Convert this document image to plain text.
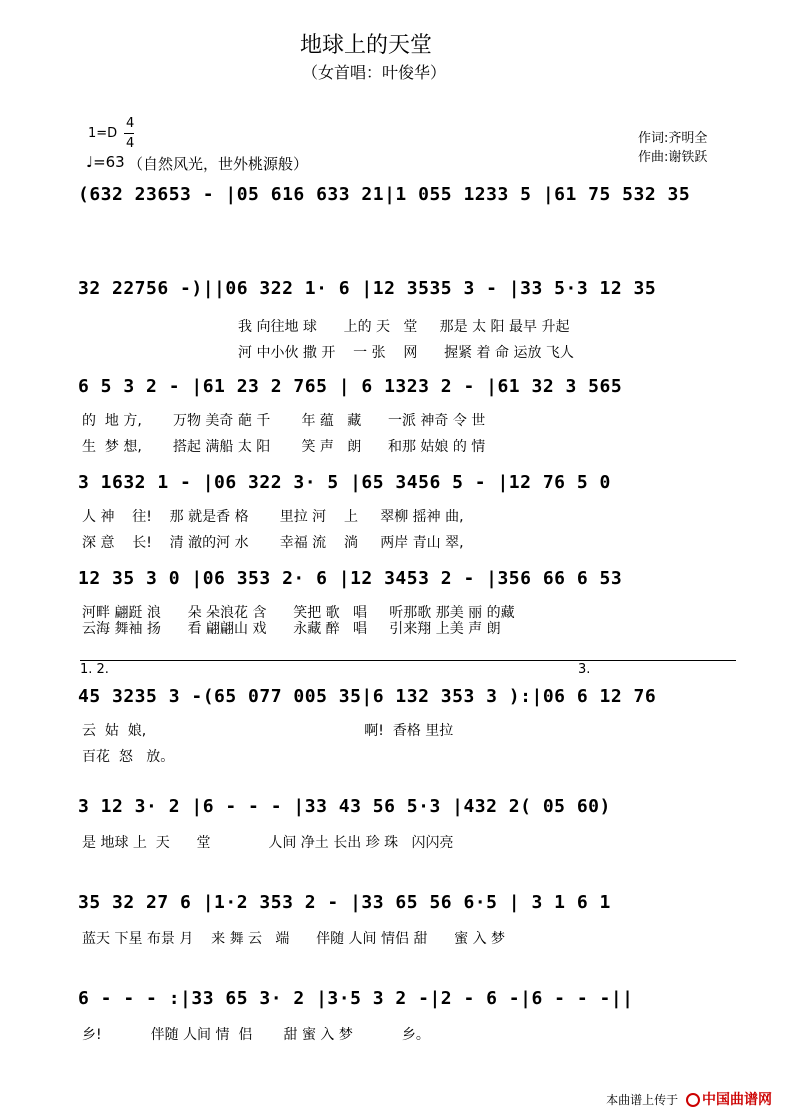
地球上的天堂
（女首唱：叶俊华）
1=D
4
4
♩=63 （自然风光，世外桃源般）
作词:齐明全
作曲:谢铁跃
(632 23653 - |05 616 633 21|1 055 1233 5 |61 75 532 35
32 22756 -)||06 322 1· 6 |12 3535 3 - |33 5·3 12 35
我 向往地 球      上的 天   堂     那是 太 阳 最早 升起
河 中小伙 撒 开    一 张    网      握紧 着 命 运放 飞人
6 5 3 2 - |61 23 2 765 | 6 1323 2 - |61 32 3 565
的  地 方,       万物 美奇 葩 千       年 蕴   藏      一派 神奇 令 世
生  梦 想,       搭起 满船 太 阳       笑 声   朗      和那 姑娘 的 情
3 1632 1 - |06 322 3· 5 |65 3456 5 - |12 76 5 0
人 神    往!    那 就是香 格       里拉 河    上     翠柳 摇神 曲,
深 意    长!    清 澈的河 水       幸福 流    淌     两岸 青山 翠,
12 35 3 0 |06 353 2· 6 |12 3453 2 - |356 66 6 53
河畔 翩跹 浪      朵 朵浪花 含      笑把 歌   唱     听那歌 那美 丽 的藏
云海 舞袖 扬      看 翩翩山 戏      永藏 醉   唱     引来翔 上美 声 朗
1. 2.	3.
45 3235 3 -(65 077 005 35|6 132 353 3 ):|06 6 12 76
云  姑  娘,                                                 啊!  香格 里拉
百花  怒   放。
3 12 3· 2 |6 - - - |33 43 56 5·3 |432 2( 05 60)
是 地球 上  天      堂             人间 净土 长出 珍 珠   闪闪亮
35 32 27 6 |1·2 353 2 - |33 65 56 6·5 | 3 1 6 1
蓝天 下星 布景 月    来 舞 云   端      伴随 人间 情侣 甜      蜜 入 梦
6 - - - :|33 65 3· 2 |3·5 3 2 -|2 - 6 -|6 - - -||
乡!           伴随 人间 情  侣       甜 蜜 入 梦           乡。
本曲谱上传于 中国曲谱网
